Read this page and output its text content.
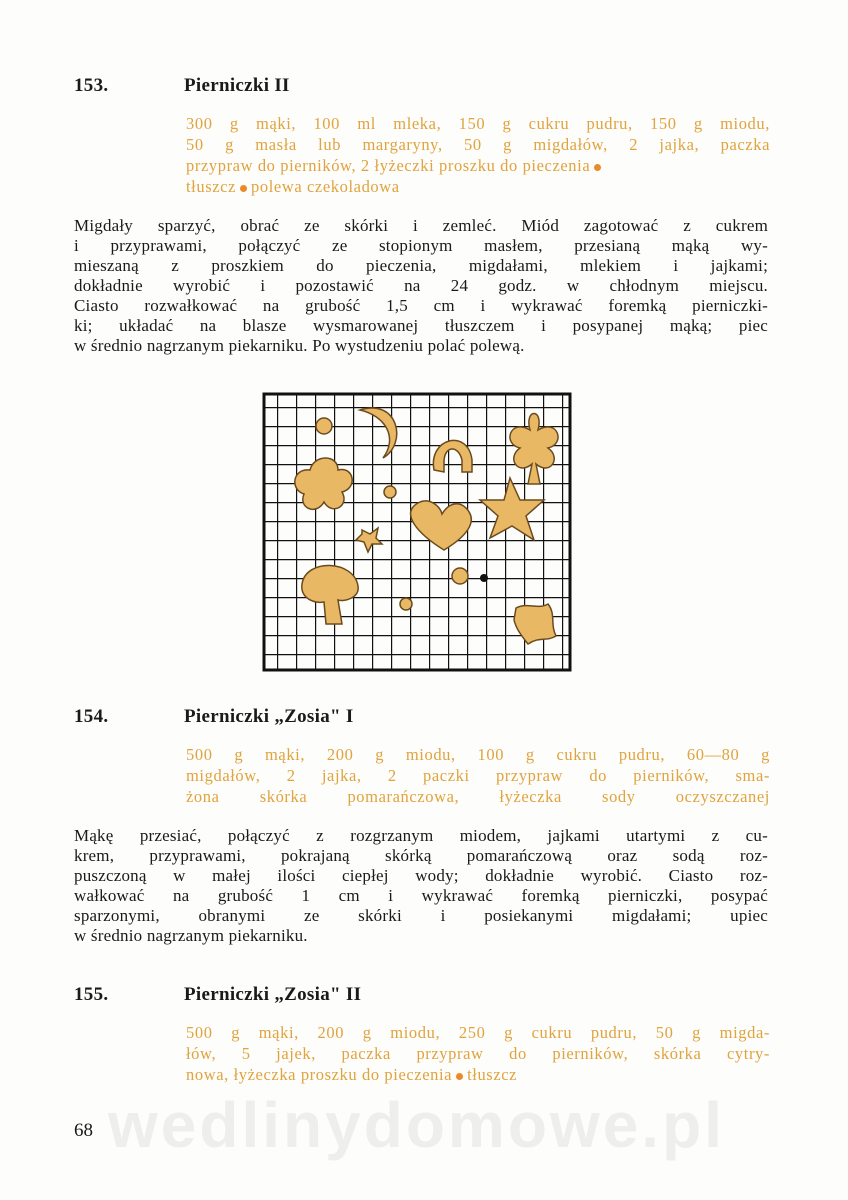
153.	Pierniczki II
300 g mąki, 100 ml mleka, 150 g cukru pudru, 150 g miodu,
50 g masła lub margaryny, 50 g migdałów, 2 jajka, paczka
przypraw do pierników, 2 łyżeczki proszku do pieczenia
tłuszcz polewa czekoladowa
Migdały sparzyć, obrać ze skórki i zemleć. Miód zagotować z cukrem
i przyprawami, połączyć ze stopionym masłem, przesianą mąką wy-
mieszaną z proszkiem do pieczenia, migdałami, mlekiem i jajkami;
dokładnie wyrobić i pozostawić na 24 godz. w chłodnym miejscu.
Ciasto rozwałkować na grubość 1,5 cm i wykrawać foremką pierniczki-
ki; układać na blasze wysmarowanej tłuszczem i posypanej mąką; piec
w średnio nagrzanym piekarniku. Po wystudzeniu polać polewą.
154.	Pierniczki „Zosia" I
500 g mąki, 200 g miodu, 100 g cukru pudru, 60—80 g
migdałów, 2 jajka, 2 paczki przypraw do pierników, sma-
żona skórka pomarańczowa, łyżeczka sody oczyszczanej
Mąkę przesiać, połączyć z rozgrzanym miodem, jajkami utartymi z cu-
krem, przyprawami, pokrajaną skórką pomarańczową oraz sodą roz-
puszczoną w małej ilości ciepłej wody; dokładnie wyrobić. Ciasto roz-
wałkować na grubość 1 cm i wykrawać foremką pierniczki, posypać
sparzonymi, obranymi ze skórki i posiekanymi migdałami; upiec
w średnio nagrzanym piekarniku.
155.	Pierniczki „Zosia" II
500 g mąki, 200 g miodu, 250 g cukru pudru, 50 g migda-
łów, 5 jajek, paczka przypraw do pierników, skórka cytry-
nowa, łyżeczka proszku do pieczenia tłuszcz
wedlinydomowe.pl
68
